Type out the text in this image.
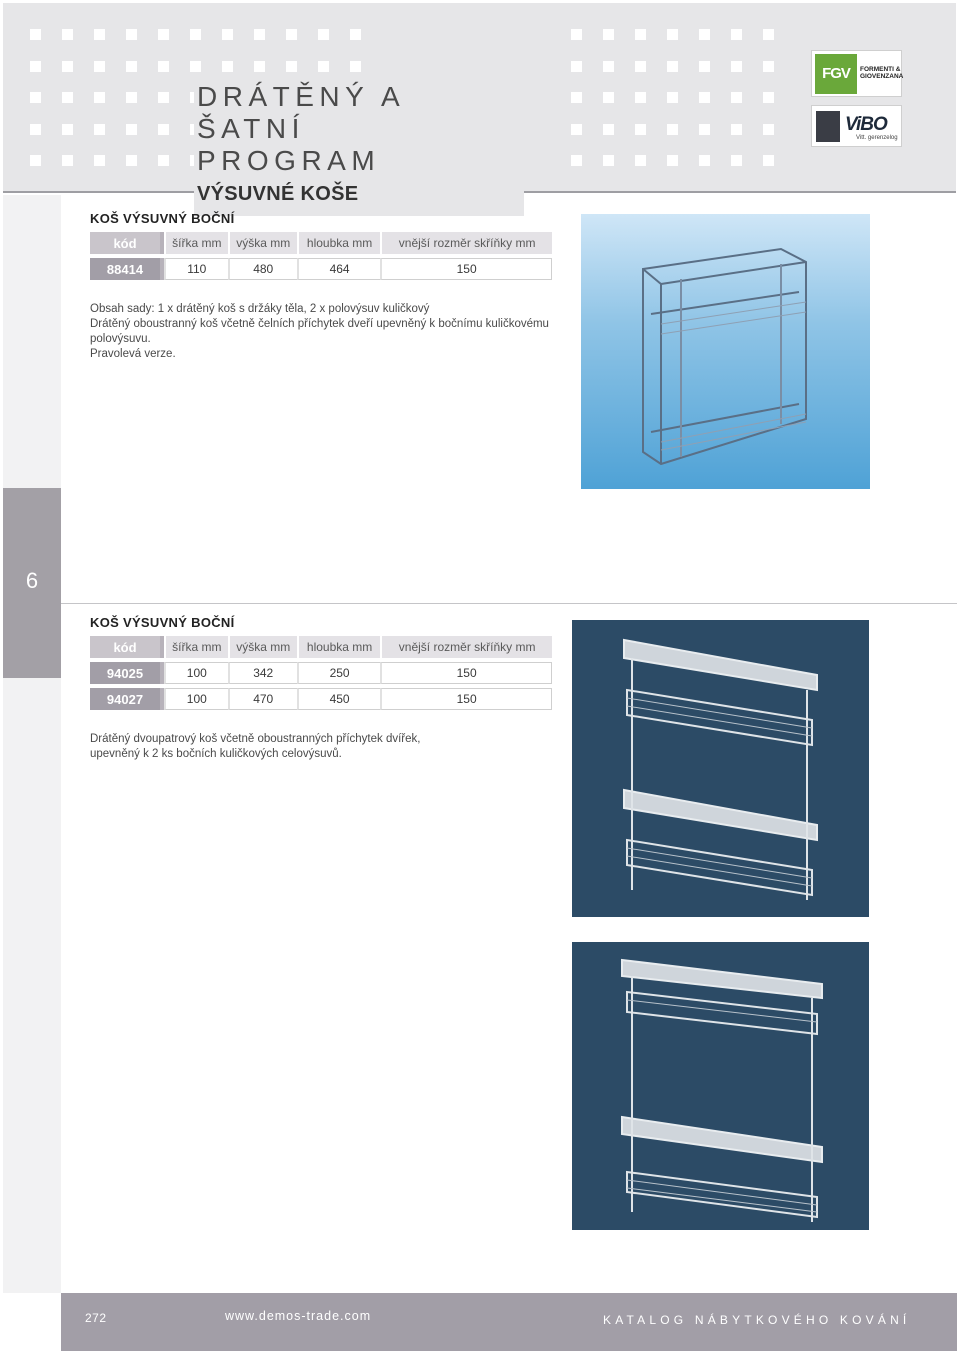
DRÁTĚNÝ A ŠATNÍ
PROGRAM
VÝSUVNÉ KOŠE
FGV	FORMENTI &
GIOVENZANA
ViBO
Vitt. gerenzelog
6
KOŠ VÝSUVNÝ BOČNÍ
kód	šířka mm	výška mm	hloubka mm	vnější rozměr skříňky mm

88414	110	480	464	150
Obsah sady: 1 x drátěný koš s držáky těla, 2 x polovýsuv kuličkový
Drátěný oboustranný koš včetně čelních příchytek dveří upevněný k bočnímu kuličkovému polovýsuvu.
Pravolevá verze.
KOŠ VÝSUVNÝ BOČNÍ
kód	šířka mm	výška mm	hloubka mm	vnější rozměr skříňky mm

94025	100	342	250	150

94027	100	470	450	150
Drátěný dvoupatrový koš včetně oboustranných příchytek dvířek,
upevněný k 2 ks bočních kuličkových celovýsuvů.
272	www.demos-trade.com	KATALOG NÁBYTKOVÉHO KOVÁNÍ
